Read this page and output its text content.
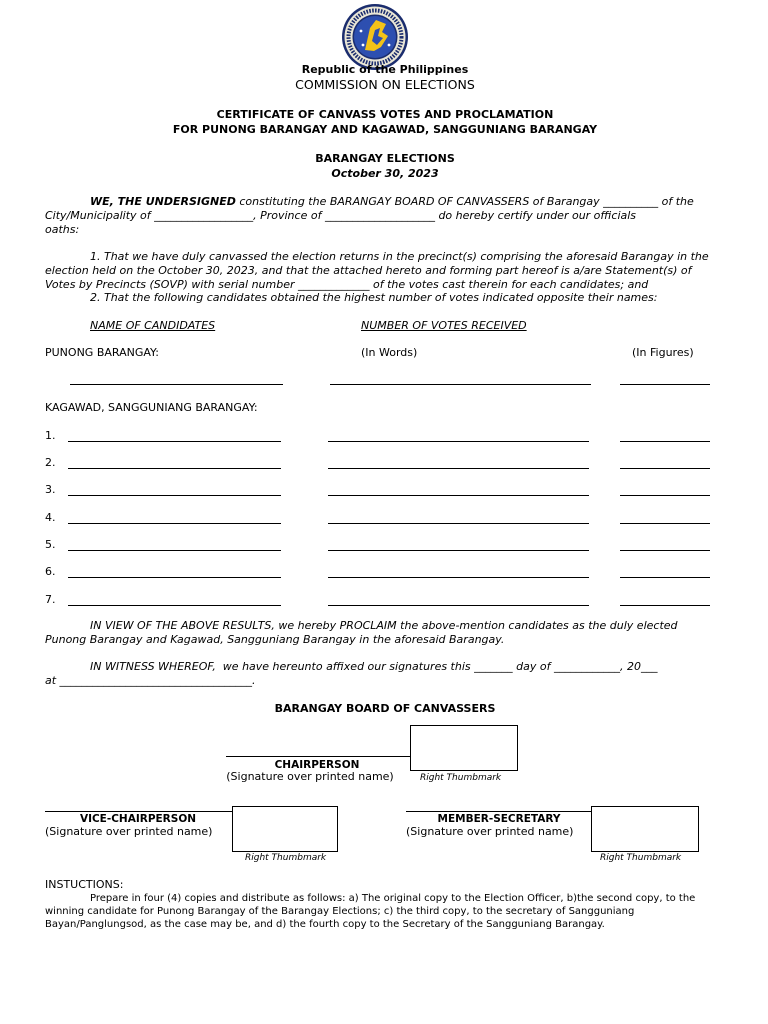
Republic of the Philippines
COMMISSION ON ELECTIONS
CERTIFICATE OF CANVASS VOTES AND PROCLAMATION
FOR PUNONG BARANGAY AND KAGAWAD, SANGGUNIANG BARANGAY
BARANGAY ELECTIONS
October 30, 2023
WE, THE UNDERSIGNED constituting the BARANGAY BOARD OF CANVASSERS of Barangay __________ of the
City/Municipality of __________________, Province of ____________________ do hereby certify under our officials
oaths:
1. That we have duly canvassed the election returns in the precinct(s) comprising the aforesaid Barangay in the
election held on the October 30, 2023, and that the attached hereto and forming part hereof is a/are Statement(s) of
Votes by Precincts (SOVP) with serial number _____________ of the votes cast therein for each candidates; and
2. That the following candidates obtained the highest number of votes indicated opposite their names:
NAME OF CANDIDATES	NUMBER OF VOTES RECEIVED
PUNONG BARANGAY:	(In Words)	(In Figures)
KAGAWAD, SANGGUNIANG BARANGAY:
1.
2.
3.
4.
5.
6.
7.
IN VIEW OF THE ABOVE RESULTS, we hereby PROCLAIM the above-mention candidates as the duly elected
Punong Barangay and Kagawad, Sangguniang Barangay in the aforesaid Barangay.
IN WITNESS WHEREOF,  we have hereunto affixed our signatures this _______ day of ____________, 20___
at ___________________________________.
BARANGAY BOARD OF CANVASSERS
CHAIRPERSON
(Signature over printed name)	Right Thumbmark
VICE-CHAIRPERSON
(Signature over printed name)
Right Thumbmark
MEMBER-SECRETARY
(Signature over printed name)
Right Thumbmark
INSTUCTIONS:
Prepare in four (4) copies and distribute as follows: a) The original copy to the Election Officer, b)the second copy, to the
winning candidate for Punong Barangay of the Barangay Elections; c) the third copy, to the secretary of Sangguniang
Bayan/Panglungsod, as the case may be, and d) the fourth copy to the Secretary of the Sangguniang Barangay.
